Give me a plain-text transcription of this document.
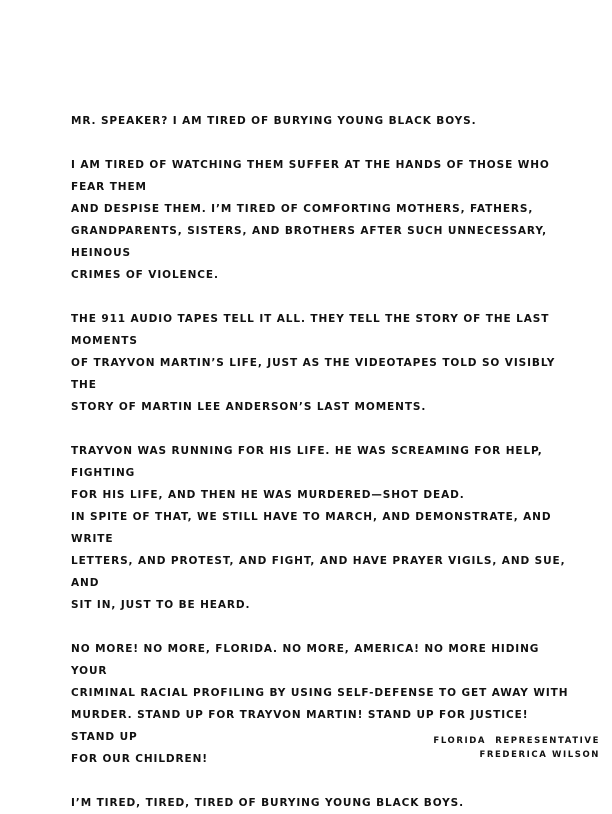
MR. SPEAKER? I AM TIRED OF BURYING YOUNG BLACK BOYS.

I AM TIRED OF WATCHING THEM SUFFER AT THE HANDS OF THOSE WHO FEAR THEM
AND DESPISE THEM. I’M TIRED OF COMFORTING MOTHERS, FATHERS,
GRANDPARENTS, SISTERS, AND BROTHERS AFTER SUCH UNNECESSARY, HEINOUS
CRIMES OF VIOLENCE.

THE 911 AUDIO TAPES TELL IT ALL. THEY TELL THE STORY OF THE LAST MOMENTS
OF TRAYVON MARTIN’S LIFE, JUST AS THE VIDEOTAPES TOLD SO VISIBLY THE
STORY OF MARTIN LEE ANDERSON’S LAST MOMENTS.

TRAYVON WAS RUNNING FOR HIS LIFE. HE WAS SCREAMING FOR HELP, FIGHTING
FOR HIS LIFE, AND THEN HE WAS MURDERED—SHOT DEAD.
IN SPITE OF THAT, WE STILL HAVE TO MARCH, AND DEMONSTRATE, AND WRITE
LETTERS, AND PROTEST, AND FIGHT, AND HAVE PRAYER VIGILS, AND SUE, AND
SIT IN, JUST TO BE HEARD.

NO MORE! NO MORE, FLORIDA. NO MORE, AMERICA! NO MORE HIDING YOUR
CRIMINAL RACIAL PROFILING BY USING SELF-DEFENSE TO GET AWAY WITH
MURDER. STAND UP FOR TRAYVON MARTIN! STAND UP FOR JUSTICE! STAND UP
FOR OUR CHILDREN!

I’M TIRED, TIRED, TIRED OF BURYING YOUNG BLACK BOYS.

FLORIDA  REPRESENTATIVE
FREDERICA WILSON
